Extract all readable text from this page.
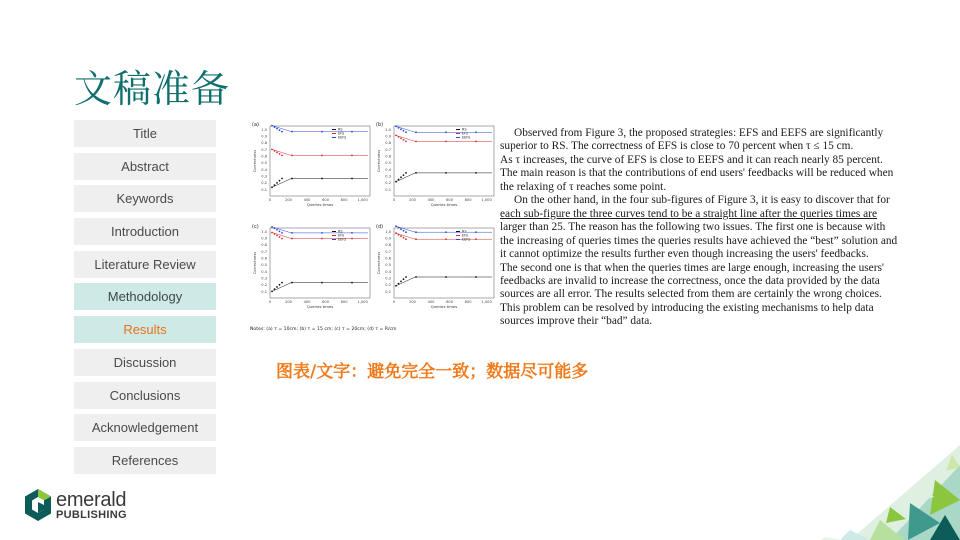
文稿准备
Title
Abstract
Keywords
Introduction
Literature Review
Methodology
Results
Discussion
Conclusions
Acknowledgement
References
(a)
0.1
0.2
0.3
0.4
0.5
0.6
0.7
0.8
0.9
1.0
0	200	400	600	800	1,000
Queries times
Correctness
RS
EFS
EEFS
(b)
0.1
0.2
0.3
0.4
0.5
0.6
0.7
0.8
0.9
1.0
0	200	400	600	800	1,000
Queries times
Correctness
RS
EFS
EEFS
(c)
0.1
0.2
0.3
0.4
0.5
0.6
0.7
0.8
0.9
1.0
0	200	400	600	800	1,000
Queries times
Correctness
RS
EFS
EEFS
(d)
0.1
0.2
0.3
0.4
0.5
0.6
0.7
0.8
0.9
1.0
0	200	400	600	800	1,000
Queries times
Correctness
RS
EFS
EEFS
Notes: (a) τ = 10cm; (b) τ = 15 cm; (c) τ = 20cm; (d) τ = R/cm

Observed from Figure 3, the proposed strategies: EFS and EEFS are significantly

superior to RS. The correctness of EFS is close to 70 percent when τ ≤ 15 cm.

As τ increases, the curve of EFS is close to EEFS and it can reach nearly 85 percent.

The main reason is that the contributions of end users' feedbacks will be reduced when

the relaxing of τ reaches some point.

On the other hand, in the four sub-figures of Figure 3, it is easy to discover that for

each sub-figure the three curves tend to be a straight line after the queries times are

larger than 25. The reason has the following two issues. The first one is because with

the increasing of queries times the queries results have achieved the “best” solution and

it cannot optimize the results further even though increasing the users' feedbacks.

The second one is that when the queries times are large enough, increasing the users'

feedbacks are invalid to increase the correctness, once the data provided by the data

sources are all error. The results selected from them are certainly the wrong choices.

This problem can be resolved by introducing the existing mechanisms to help data

sources improve their “bad” data.

图表/文字：避免完全一致；数据尽可能多
emerald
PUBLISHING
